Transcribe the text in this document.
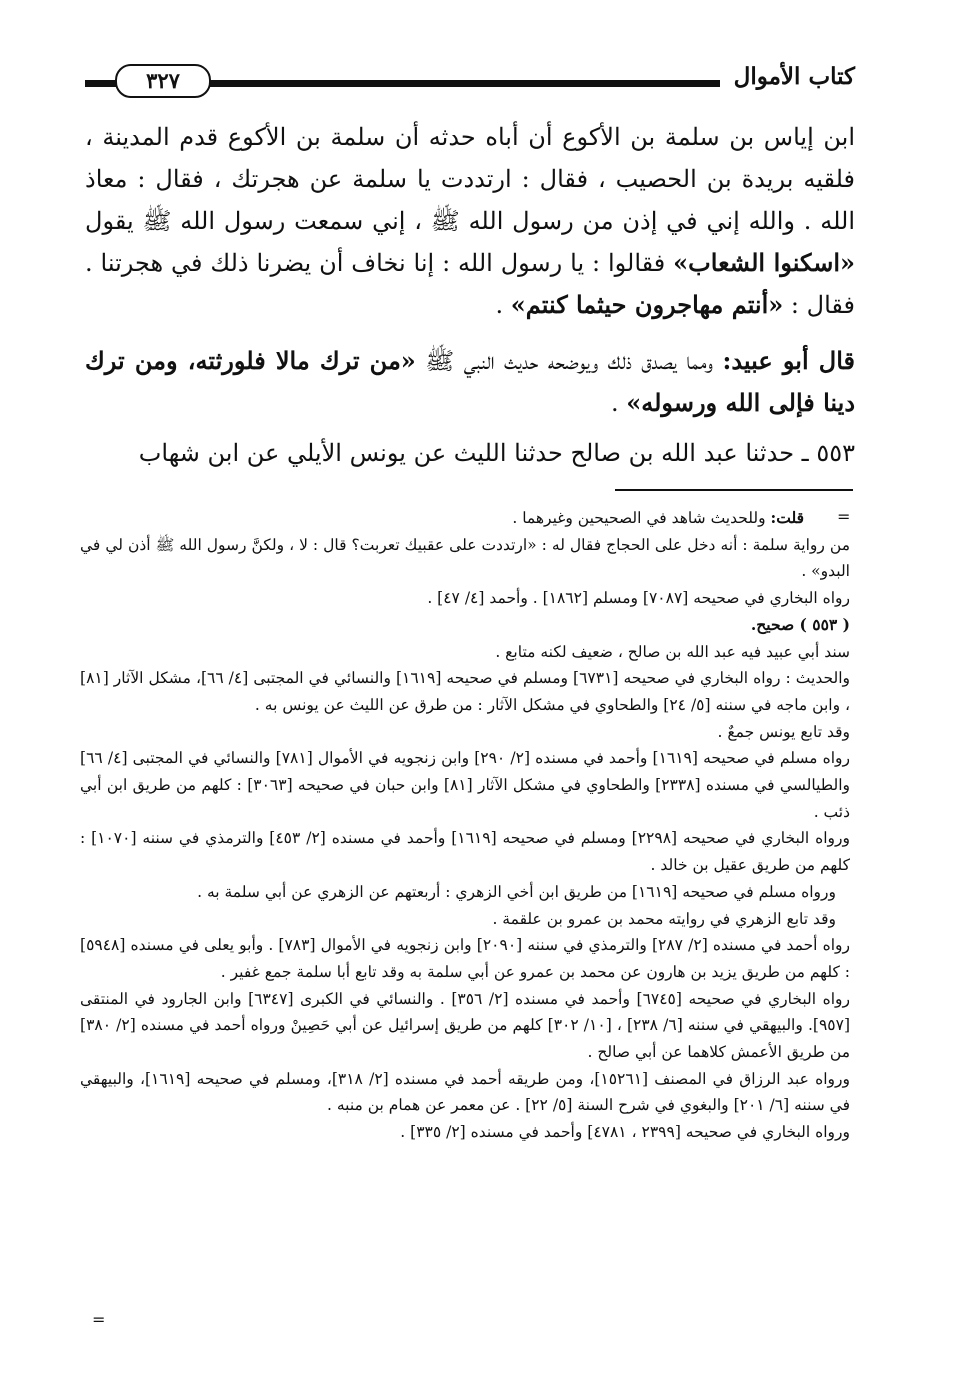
كتاب الأموال
٣٢٧

ابن إياس بن سلمة بن الأكوع أن أباه حدثه أن سلمة بن الأكوع قدم المدينة ، فلقيه بريدة بن الحصيب ، فقال : ارتددت يا سلمة عن هجرتك ، فقال : معاذ الله . والله إني في إذن من رسول الله ﷺ ، إني سمعت رسول الله ﷺ يقول «اسكنوا الشعاب» فقالوا : يا رسول الله : إنا نخاف أن يضرنا ذلك في هجرتنا . فقال : «أنتم مهاجرون حيثما كنتم» .

قال أبو عبيد: ومما يصدق ذلك ويوضحه حديث النبي ﷺ «من ترك مالا فلورثته، ومن ترك دينا فإلى الله ورسوله» .

٥٥٣ ـ حدثنا عبد الله بن صالح حدثنا الليث عن يونس الأيلي عن ابن شهاب

=

قلت: وللحديث شاهد في الصحيحين وغيرهما .

من رواية سلمة : أنه دخل على الحجاج فقال له : «ارتددت على عقبيك تعربت؟ قال : لا ، ولكنَّ رسول الله ﷺ أذن لي في البدو» .

رواه البخاري في صحيحه [٧٠٨٧] ومسلم [١٨٦٢] . وأحمد [٤/ ٤٧] .

( ٥٥٣ ) صحيح.

سند أبي عبيد فيه عبد الله بن صالح ، ضعيف لكنه متابع .

والحديث : رواه البخاري في صحيحه [٦٧٣١] ومسلم في صحيحه [١٦١٩] والنسائي في المجتبى [٤/ ٦٦]، مشكل الآثار [٨١] ، وابن ماجه في سننه [٥/ ٢٤] والطحاوي في مشكل الآثار : من طرق عن الليث عن يونس به .

وقد تابع يونس جمعٌ .

رواه مسلم في صحيحه [١٦١٩] وأحمد في مسنده [٢/ ٢٩٠] وابن زنجويه في الأموال [٧٨١] والنسائي في المجتبى [٤/ ٦٦] والطيالسي في مسنده [٢٣٣٨] والطحاوي في مشكل الآثار [٨١] وابن حبان في صحيحه [٣٠٦٣] : كلهم من طريق ابن أبي ذئب .

ورواه البخاري في صحيحه [٢٢٩٨] ومسلم في صحيحه [١٦١٩] وأحمد في مسنده [٢/ ٤٥٣] والترمذي في سننه [١٠٧٠] : كلهم من طريق عقيل بن خالد .

ورواه مسلم في صحيحه [١٦١٩] من طريق ابن أخي الزهري : أربعتهم عن الزهري عن أبي سلمة به .

وقد تابع الزهري في روايته محمد بن عمرو بن علقمة .

رواه أحمد في مسنده [٢/ ٢٨٧] والترمذي في سننه [٢٠٩٠] وابن زنجويه في الأموال [٧٨٣] . وأبو يعلى في مسنده [٥٩٤٨] : كلهم من طريق يزيد بن هارون عن محمد بن عمرو عن أبي سلمة به وقد تابع أبا سلمة جمع غفير .

رواه البخاري في صحيحه [٦٧٤٥] وأحمد في مسنده [٢/ ٣٥٦] . والنسائي في الكبرى [٦٣٤٧] وابن الجارود في المنتقى [٩٥٧]. والبيهقي في سننه [٦/ ٢٣٨] ، [١٠/ ٣٠٢] كلهم من طريق إسرائيل عن أبي حَصِينْ ورواه أحمد في مسنده [٢/ ٣٨٠] من طريق الأعمش كلاهما عن أبي صالح .

ورواه عبد الرزاق في المصنف [١٥٢٦١]، ومن طريقه أحمد في مسنده [٢/ ٣١٨]، ومسلم في صحيحه [١٦١٩]، والبيهقي في سننه [٦/ ٢٠١] والبغوي في شرح السنة [٥/ ٢٢] . عن معمر عن همام بن منبه .

ورواه البخاري في صحيحه [٢٣٩٩ ، ٤٧٨١] وأحمد في مسنده [٢/ ٣٣٥] .

=
